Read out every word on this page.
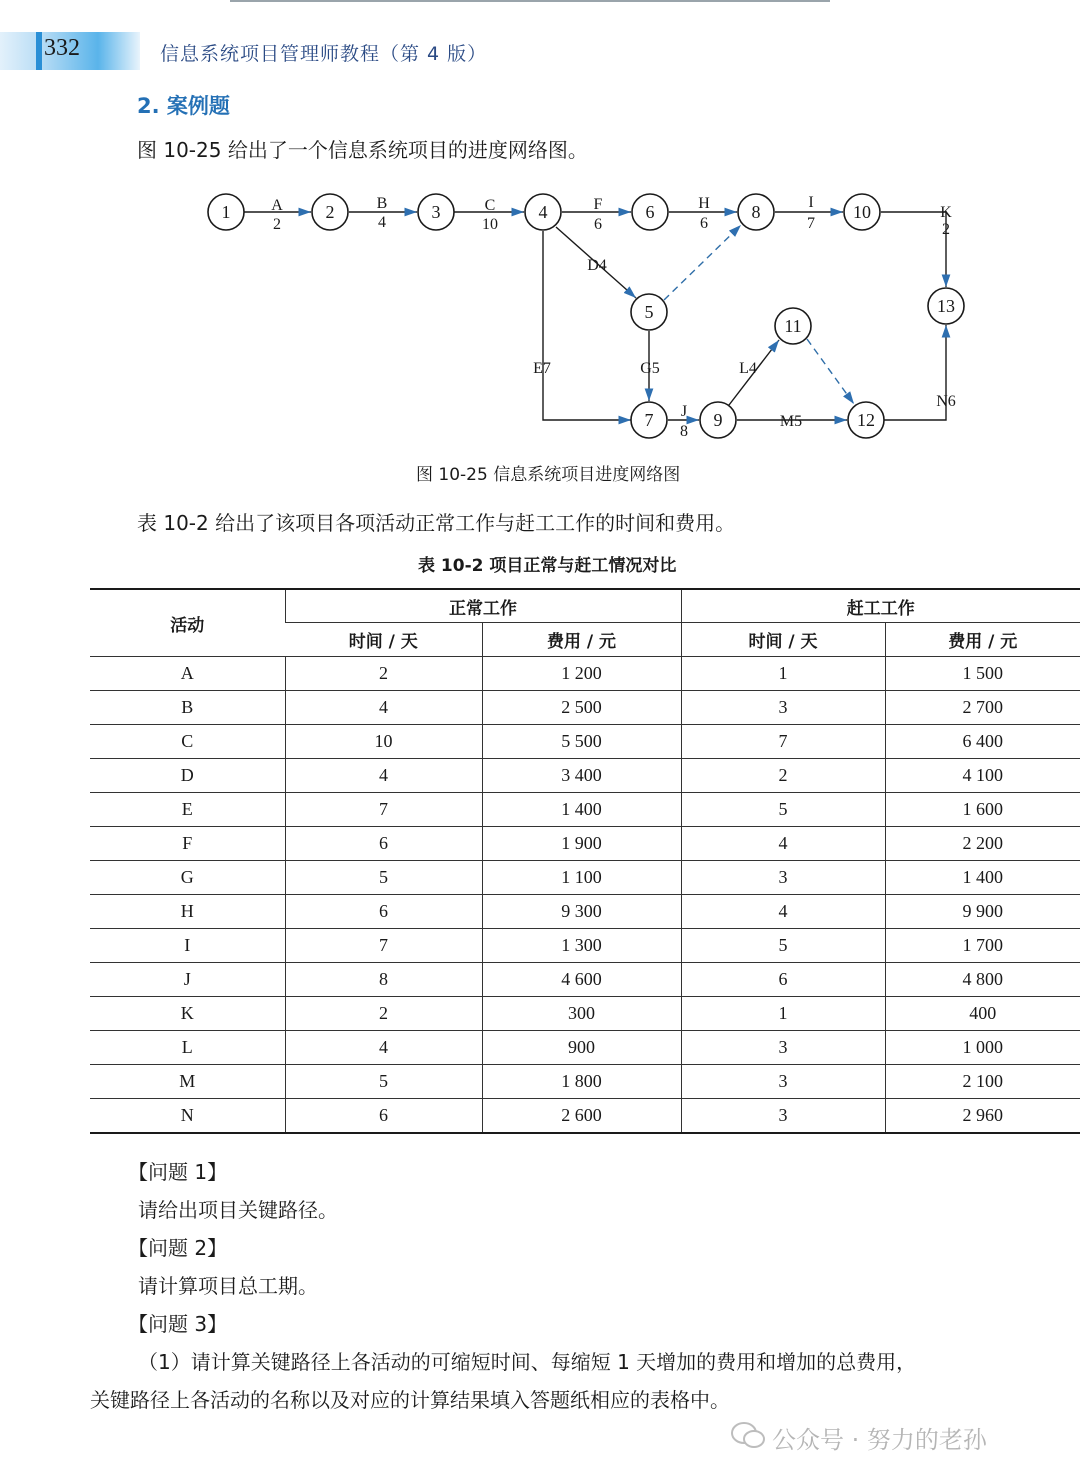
332	信息系统项目管理师教程（第 4 版）
2. 案例题
图 10-25 给出了一个信息系统项目的进度网络图。
A
2
B
4
C
10
F
6
H
6
I
7
K
2
D4
E7	G5
J
8
L4
M5
N6
1	2	3	4
5
6
7
8
9
10
11
12
13
图 10-25 信息系统项目进度网络图
表 10-2 给出了该项目各项活动正常工作与赶工工作的时间和费用。
表 10-2 项目正常与赶工情况对比
活动	正常工作		赶工工作	
	时间 / 天	费用 / 元	时间 / 天	费用 / 元
A	2	1 200	1	1 500
B	4	2 500	3	2 700
C	10	5 500	7	6 400
D	4	3 400	2	4 100
E	7	1 400	5	1 600
F	6	1 900	4	2 200
G	5	1 100	3	1 400
H	6	9 300	4	9 900
I	7	1 300	5	1 700
J	8	4 600	6	4 800
K	2	300	1	400
L	4	900	3	1 000
M	5	1 800	3	2 100
N	6	2 600	3	2 960
【问题 1】
请给出项目关键路径。
【问题 2】
请计算项目总工期。
【问题 3】
（1）请计算关键路径上各活动的可缩短时间、每缩短 1 天增加的费用和增加的总费用，
关键路径上各活动的名称以及对应的计算结果填入答题纸相应的表格中。
公众号 · 努力的老孙
